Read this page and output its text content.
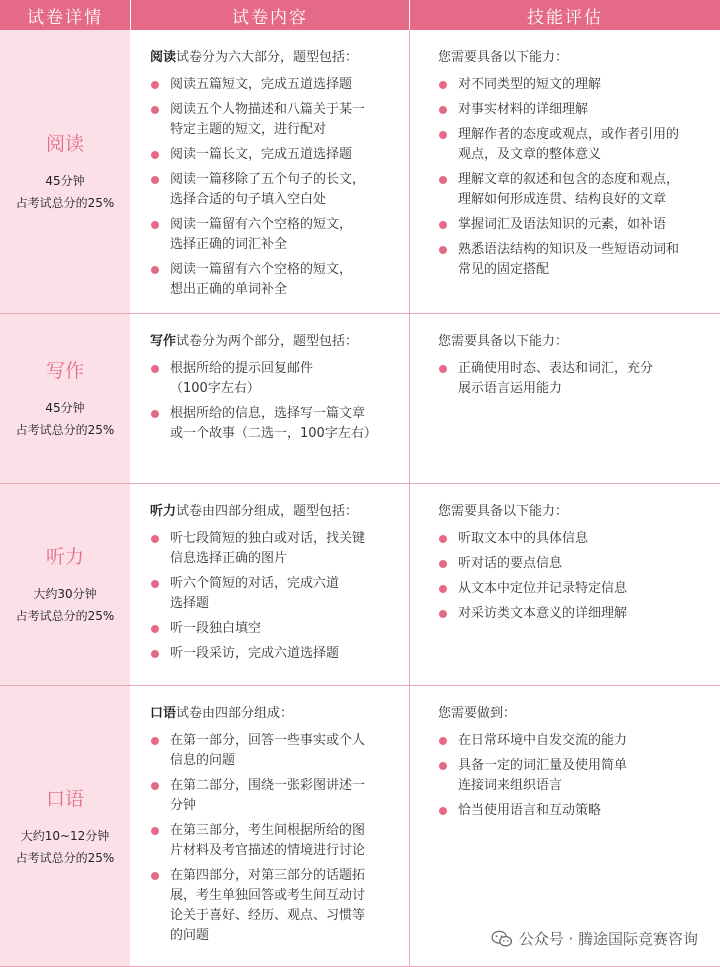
试卷详情	试卷内容	技能评估
阅读
45分钟
占考试总分的25%
阅读试卷分为六大部分，题型包括：
阅读五篇短文，完成五道选择题
阅读五个人物描述和八篇关于某一
特定主题的短文，进行配对
阅读一篇长文，完成五道选择题
阅读一篇移除了五个句子的长文，
选择合适的句子填入空白处
阅读一篇留有六个空格的短文，
选择正确的词汇补全
阅读一篇留有六个空格的短文，
想出正确的单词补全
您需要具备以下能力：
对不同类型的短文的理解
对事实材料的详细理解
理解作者的态度或观点，或作者引用的
观点，及文章的整体意义
理解文章的叙述和包含的态度和观点，
理解如何形成连贯、结构良好的文章
掌握词汇及语法知识的元素，如补语
熟悉语法结构的知识及一些短语动词和
常见的固定搭配
写作
45分钟
占考试总分的25%
写作试卷分为两个部分，题型包括：
根据所给的提示回复邮件
（100字左右）
根据所给的信息，选择写一篇文章
或一个故事（二选一，100字左右）
您需要具备以下能力：
正确使用时态、表达和词汇，充分
展示语言运用能力
听力
大约30分钟
占考试总分的25%
听力试卷由四部分组成，题型包括：
听七段简短的独白或对话，找关键
信息选择正确的图片
听六个简短的对话，完成六道
选择题
听一段独白填空
听一段采访，完成六道选择题
您需要具备以下能力：
听取文本中的具体信息
听对话的要点信息
从文本中定位并记录特定信息
对采访类文本意义的详细理解
口语
大约10~12分钟
占考试总分的25%
口语试卷由四部分组成：
在第一部分，回答一些事实或个人
信息的问题
在第二部分，围绕一张彩图讲述一
分钟
在第三部分，考生间根据所给的图
片材料及考官描述的情境进行讨论
在第四部分，对第三部分的话题拓
展，考生单独回答或考生间互动讨
论关于喜好、经历、观点、习惯等
的问题
您需要做到：
在日常环境中自发交流的能力
具备一定的词汇量及使用简单
连接词来组织语言
恰当使用语言和互动策略
公众号 · 腾途国际竞赛咨询
